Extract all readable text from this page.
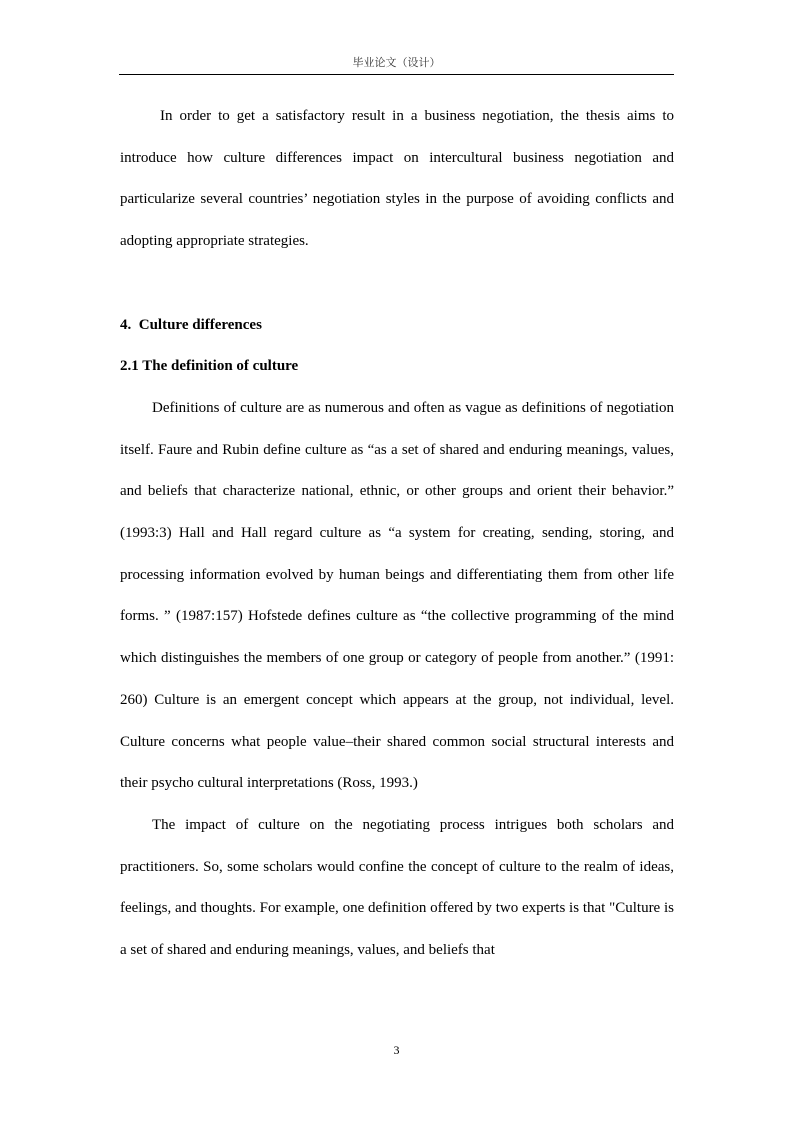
毕业论文（设计）

In order to get a satisfactory result in a business negotiation, the thesis aims to introduce how culture differences impact on intercultural business negotiation and particularize several countries’ negotiation styles in the purpose of avoiding conflicts and adopting appropriate strategies.

4.  Culture differences

2.1 The definition of culture

Definitions of culture are as numerous and often as vague as definitions of negotiation itself. Faure and Rubin define culture as “as a set of shared and enduring meanings, values, and beliefs that characterize national, ethnic, or other groups and orient their behavior.” (1993:3) Hall and Hall regard culture as “a system for creating, sending, storing, and processing information evolved by human beings and differentiating them from other life forms. ” (1987:157) Hofstede defines culture as “the collective programming of the mind which distinguishes the members of one group or category of people from another.” (1991: 260) Culture is an emergent concept which appears at the group, not individual, level. Culture concerns what people value–their shared common social structural interests and their psycho cultural interpretations (Ross, 1993.)

The impact of culture on the negotiating process intrigues both scholars and practitioners. So, some scholars would confine the concept of culture to the realm of ideas, feelings, and thoughts. For example, one definition offered by two experts is that "Culture is a set of shared and enduring meanings, values, and beliefs that

3
